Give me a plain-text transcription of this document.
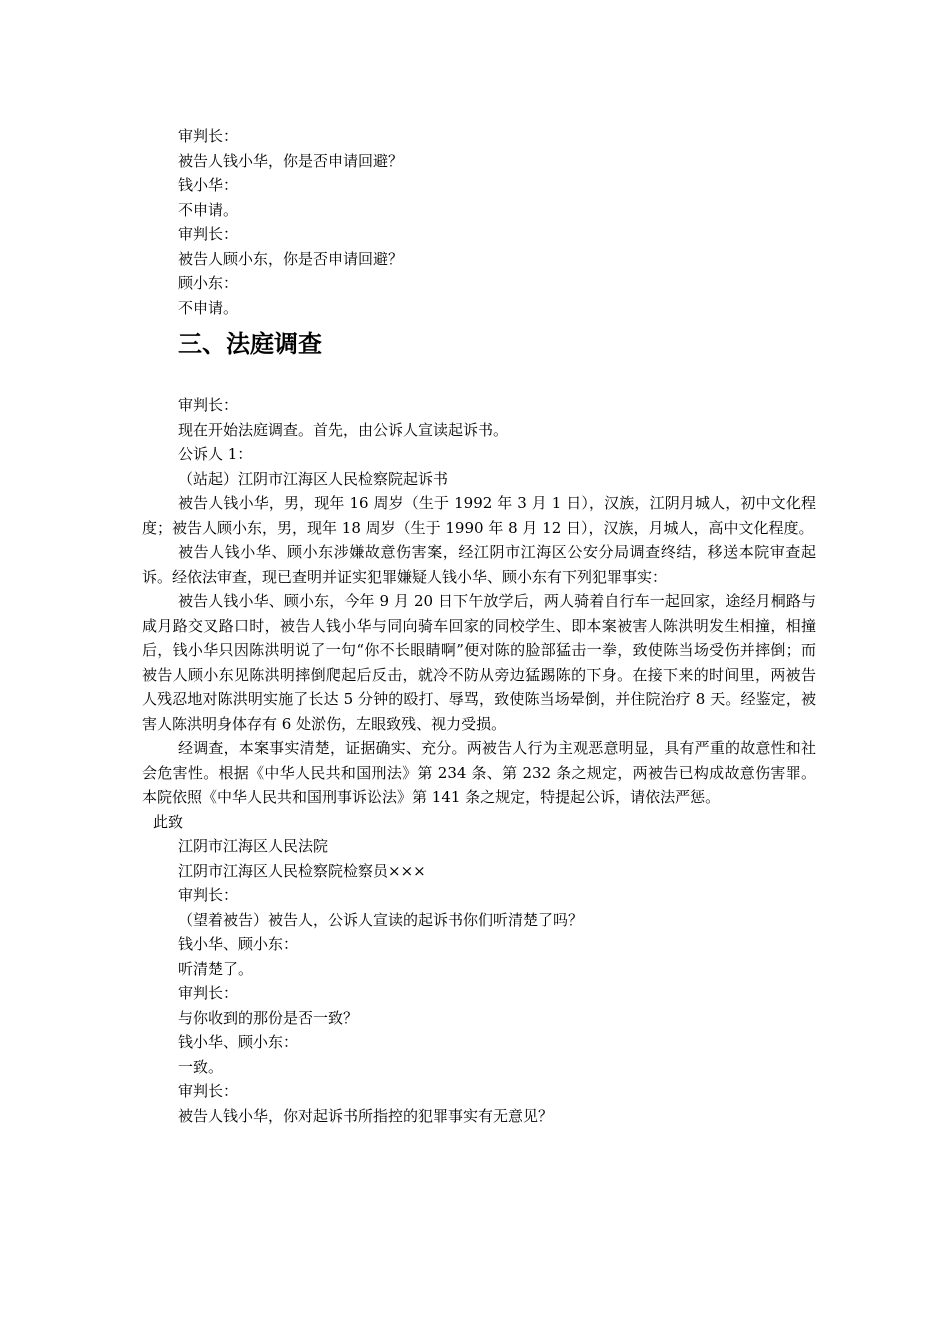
审判长：
被告人钱小华，你是否申请回避？
钱小华：
不申请。
审判长：
被告人顾小东，你是否申请回避？
顾小东：
不申请。
三、法庭调查
审判长：
现在开始法庭调查。首先，由公诉人宣读起诉书。
公诉人 1：
（站起）江阴市江海区人民检察院起诉书
被告人钱小华，男，现年 16 周岁（生于 1992 年 3 月 1 日），汉族，江阴月城人，初中文化程度；被告人顾小东，男，现年 18 周岁（生于 1990 年 8 月 12 日），汉族，月城人，高中文化程度。
被告人钱小华、顾小东涉嫌故意伤害案，经江阴市江海区公安分局调查终结，移送本院审查起诉。经依法审查，现已查明并证实犯罪嫌疑人钱小华、顾小东有下列犯罪事实：
被告人钱小华、顾小东，今年 9 月 20 日下午放学后，两人骑着自行车一起回家，途经月桐路与咸月路交叉路口时，被告人钱小华与同向骑车回家的同校学生、即本案被害人陈洪明发生相撞，相撞后，钱小华只因陈洪明说了一句“你不长眼睛啊”便对陈的脸部猛击一拳，致使陈当场受伤并摔倒；而被告人顾小东见陈洪明摔倒爬起后反击，就冷不防从旁边猛踢陈的下身。在接下来的时间里，两被告人残忍地对陈洪明实施了长达 5 分钟的殴打、辱骂，致使陈当场晕倒，并住院治疗 8 天。经鉴定，被害人陈洪明身体存有 6 处淤伤，左眼致残、视力受损。
经调查，本案事实清楚，证据确实、充分。两被告人行为主观恶意明显，具有严重的故意性和社会危害性。根据《中华人民共和国刑法》第 234 条、第 232 条之规定，两被告已构成故意伤害罪。本院依照《中华人民共和国刑事诉讼法》第 141 条之规定，特提起公诉，请依法严惩。
此致
江阴市江海区人民法院
江阴市江海区人民检察院检察员×××
审判长：
（望着被告）被告人，公诉人宣读的起诉书你们听清楚了吗？
钱小华、顾小东：
听清楚了。
审判长：
与你收到的那份是否一致？
钱小华、顾小东：
一致。
审判长：
被告人钱小华，你对起诉书所指控的犯罪事实有无意见？
